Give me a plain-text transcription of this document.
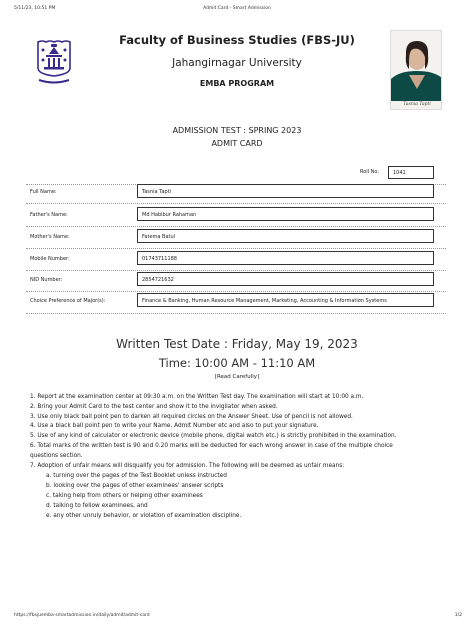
5/11/23, 10:51 PM	Admit Card - Smart Admission
Faculty of Business Studies (FBS-JU)
Jahangirnagar University
EMBA PROGRAM
Tasnia Tapti
ADMISSION TEST : SPRING 2023
ADMIT CARD
Roll No.	1041
Full Name:	Tasnia Tapti
Father's Name:	Md Habibur Rahaman
Mother's Name:	Fatema Batul
Mobile Number:	01743711188
NID Number:	2854721632
Choice Preference of Major(s):	Finance & Banking, Human Resource Management, Marketing, Accounting & Information Systems
Written Test Date : Friday, May 19, 2023
Time: 10:00 AM - 11:10 AM
[Read Carefully]
1. Report at the examination center at 09:30 a.m. on the Written Test day. The examination will start at 10:00 a.m.
2. Bring your Admit Card to the test center and show it to the invigilator when asked.
3. Use only black ball point pen to darken all required circles on the Answer Sheet. Use of pencil is not allowed.
4. Use a black ball point pen to write your Name, Admit Number etc and also to put your signature.
5. Use of any kind of calculator or electronic device (mobile phone, digital watch etc.) is strictly prohibited in the examination.
6. Total marks of the written test is 90 and 0.20 marks will be deducted for each wrong answer in case of the multiple choice
questions section.
7. Adoption of unfair means will disqualify you for admission. The following will be deemed as unfair means:
a. turning over the pages of the Test Booklet unless instructed
b. looking over the pages of other examinees' answer scripts
c. taking help from others or helping other examinees
d. talking to fellow examinees, and
e. any other unruly behavior, or violation of examination discipline.
https://fbsjuemba-smartadmission.in/daily/admit/admit-card	1/2
